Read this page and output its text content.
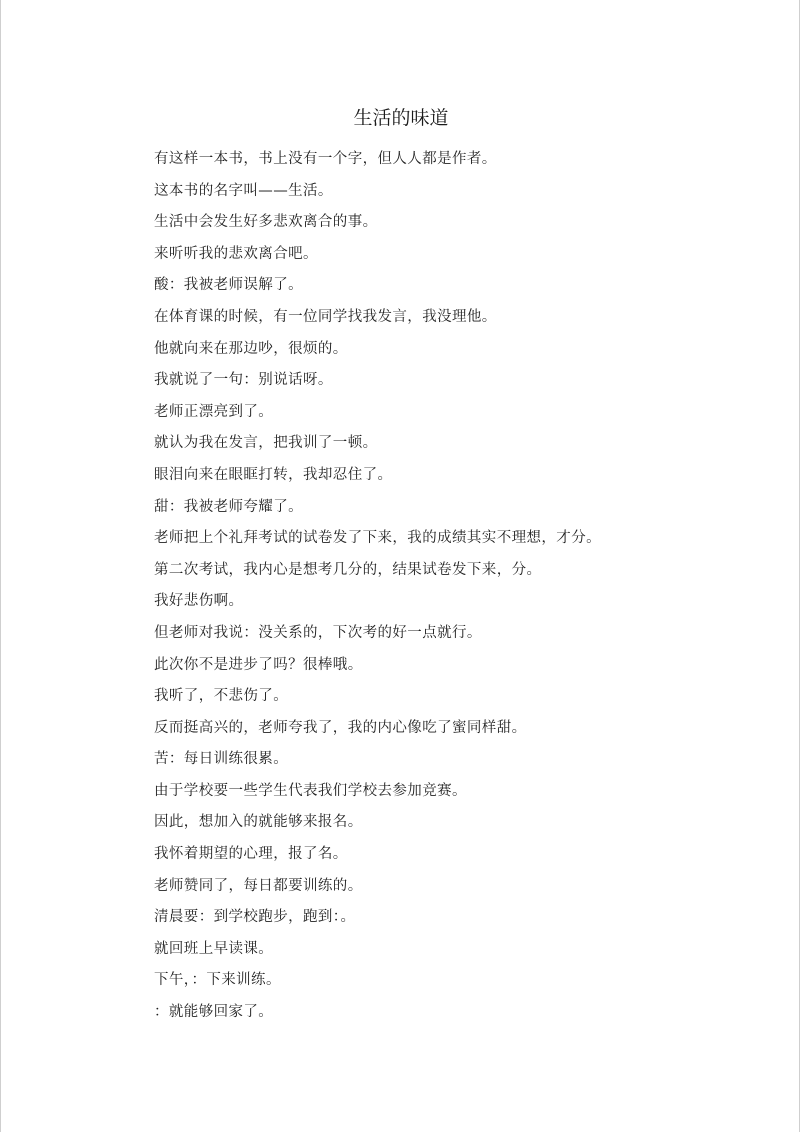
生活的味道
有这样一本书，书上没有一个字，但人人都是作者。
这本书的名字叫——生活。
生活中会发生好多悲欢离合的事。
来听听我的悲欢离合吧。
酸：我被老师误解了。
在体育课的时候，有一位同学找我发言，我没理他。
他就向来在那边吵，很烦的。
我就说了一句：别说话呀。
老师正漂亮到了。
就认为我在发言，把我训了一顿。
眼泪向来在眼眶打转，我却忍住了。
甜：我被老师夸耀了。
老师把上个礼拜考试的试卷发了下来，我的成绩其实不理想，才分。
第二次考试，我内心是想考几分的，结果试卷发下来，分。
我好悲伤啊。
但老师对我说：没关系的，下次考的好一点就行。
此次你不是进步了吗？很棒哦。
我听了，不悲伤了。
反而挺高兴的，老师夸我了，我的内心像吃了蜜同样甜。
苦：每日训练很累。
由于学校要一些学生代表我们学校去参加竞赛。
因此，想加入的就能够来报名。
我怀着期望的心理，报了名。
老师赞同了，每日都要训练的。
清晨要：到学校跑步，跑到：。
就回班上早读课。
下午，：下来训练。
：就能够回家了。
